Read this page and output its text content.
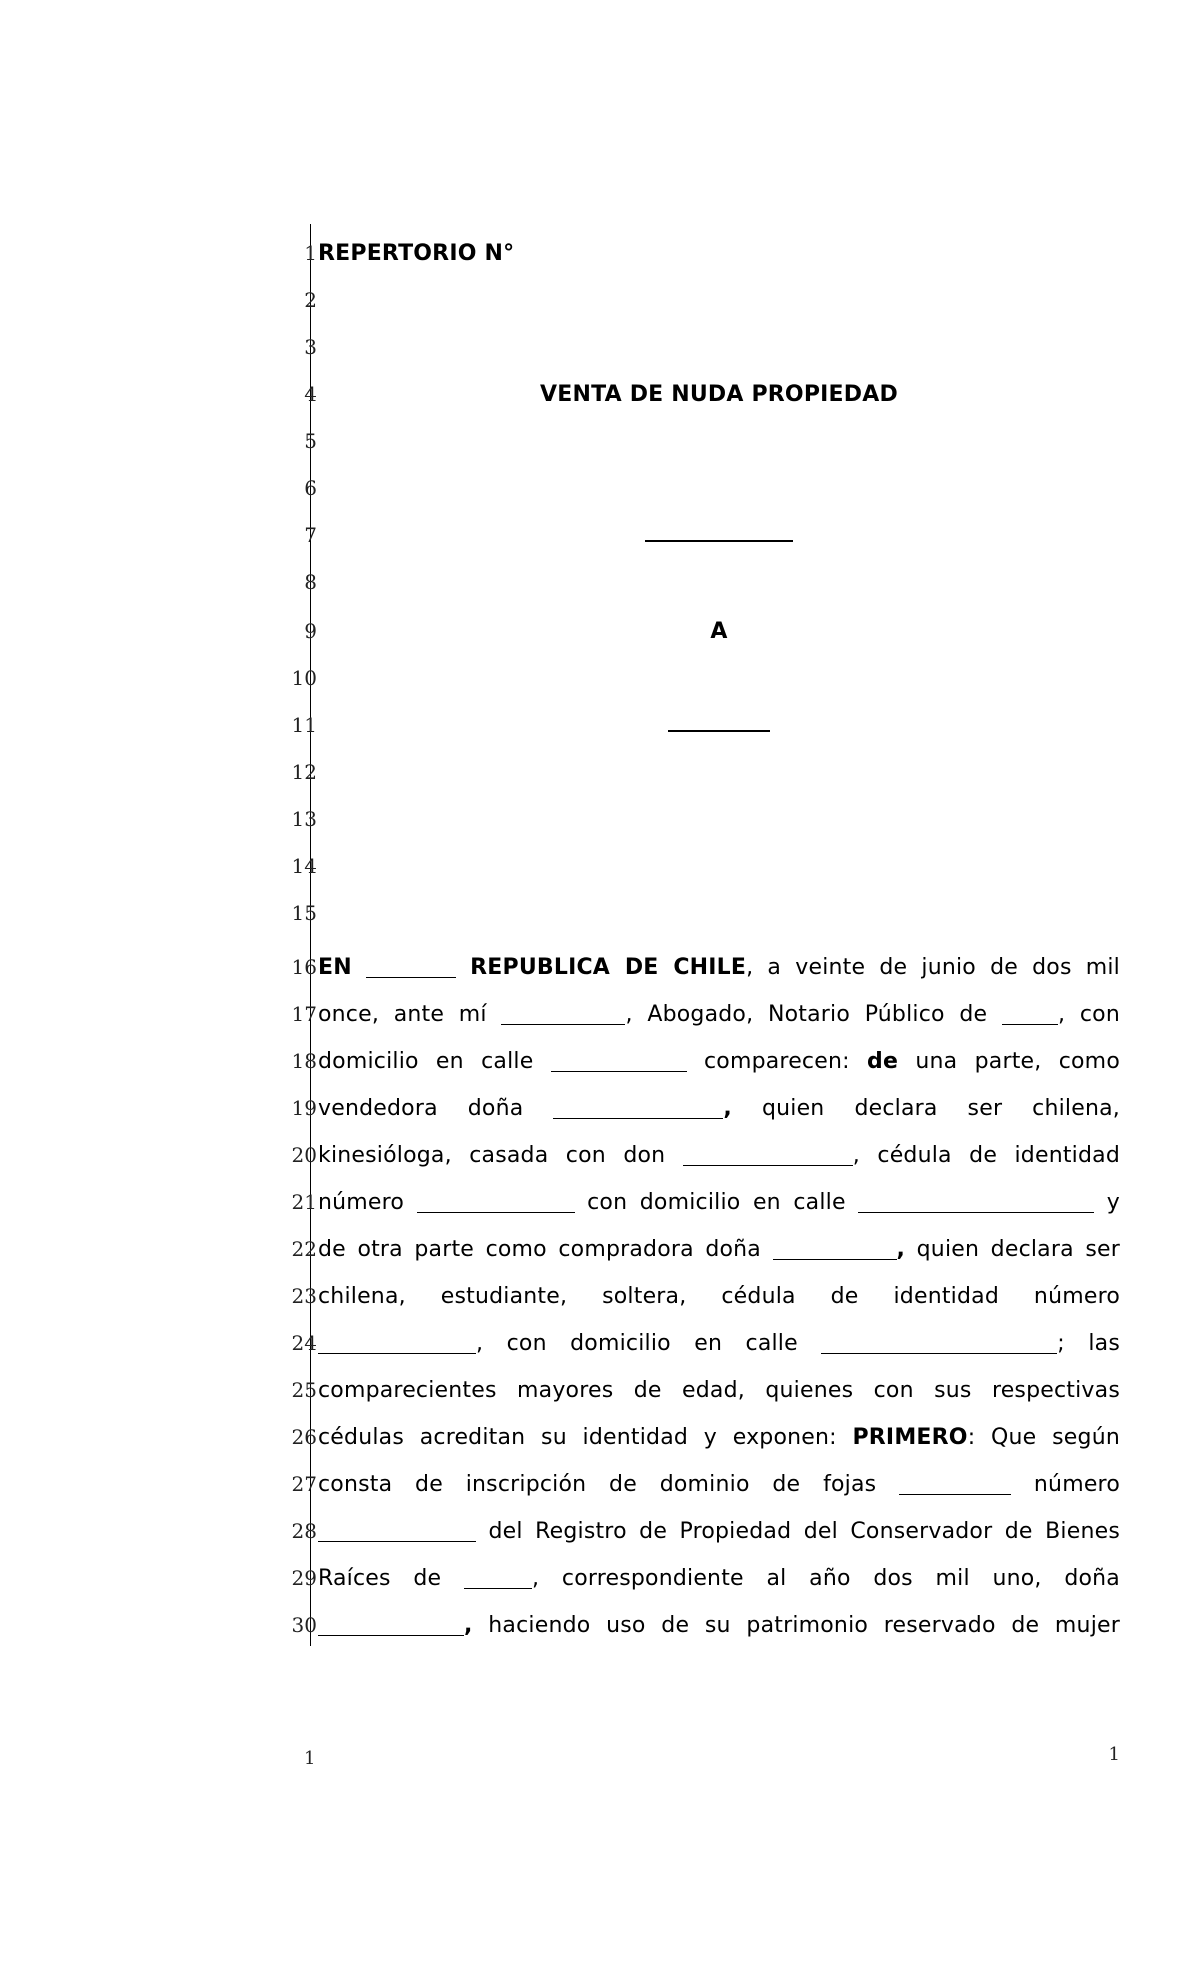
1
2
3
4
5
6
7
8
9
10
11
12
13
14
15
16
17
18
19
20
21
22
23
24
25
26
27
28
29
30
REPERTORIO N°
VENTA DE NUDA PROPIEDAD
A
EN	REPUBLICA DE CHILE, a veinte de junio de dos mil
once, ante mí	, Abogado, Notario Público de	, con
domicilio en calle	comparecen: de una parte, como
vendedora doña	, quien declara ser chilena,
kinesióloga, casada con don	, cédula de identidad
número	con domicilio en calle	y
de otra parte como compradora doña	, quien declara ser
chilena, estudiante, soltera, cédula de identidad número
, con domicilio en calle	; las
comparecientes mayores de edad, quienes con sus respectivas
cédulas acreditan su identidad y exponen: PRIMERO: Que según
consta de inscripción de dominio de fojas	número
del Registro de Propiedad del Conservador de Bienes
Raíces de	, correspondiente al año dos mil uno, doña
, haciendo uso de su patrimonio reservado de mujer
1	1
